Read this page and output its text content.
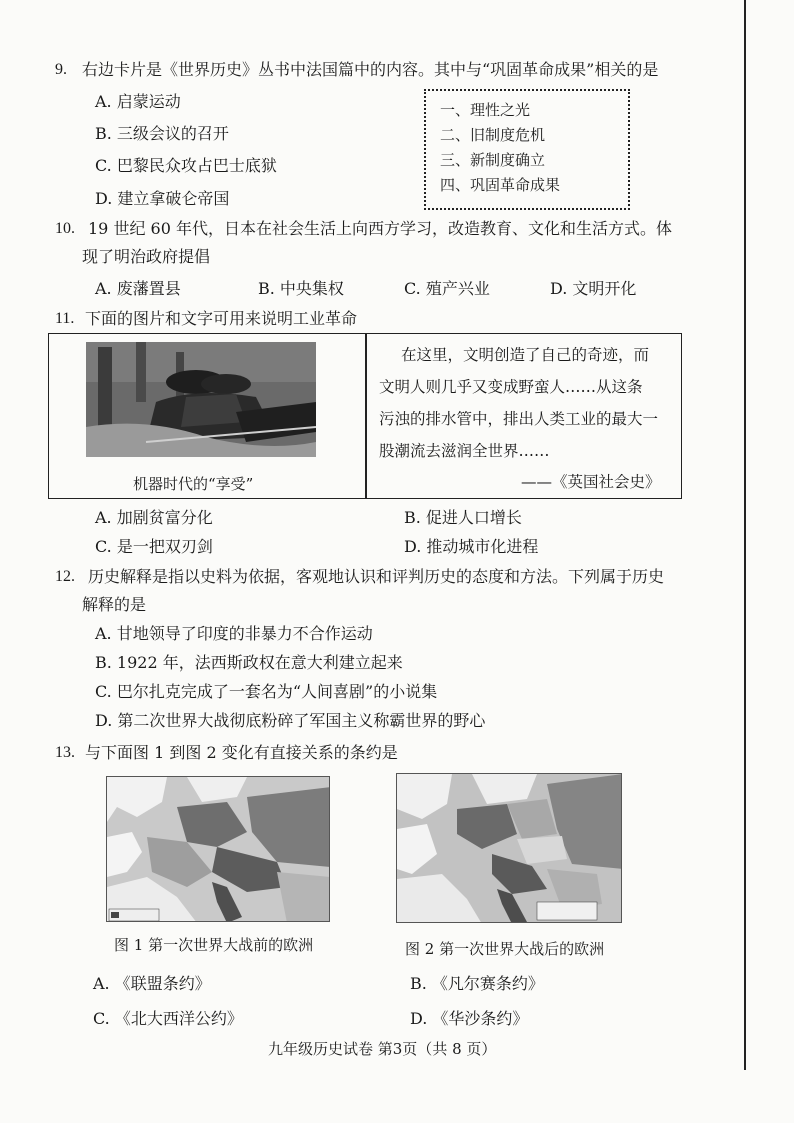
9. 右边卡片是《世界历史》丛书中法国篇中的内容。其中与“巩固革命成果”相关的是
A. 启蒙运动
B. 三级会议的召开
C. 巴黎民众攻占巴士底狱
D. 建立拿破仑帝国
一、理性之光
二、旧制度危机
三、新制度确立
四、巩固革命成果
10. 19 世纪 60 年代，日本在社会生活上向西方学习，改造教育、文化和生活方式。体
现了明治政府提倡
A. 废藩置县	B. 中央集权	C. 殖产兴业	D. 文明开化
11. 下面的图片和文字可用来说明工业革命
机器时代的“享受”
在这里，文明创造了自己的奇迹，而
文明人则几乎又变成野蛮人……从这条
污浊的排水管中，排出人类工业的最大一
股潮流去滋润全世界……
——《英国社会史》
A. 加剧贫富分化	B. 促进人口增长
C. 是一把双刃剑	D. 推动城市化进程
12. 历史解释是指以史料为依据，客观地认识和评判历史的态度和方法。下列属于历史
解释的是
A. 甘地领导了印度的非暴力不合作运动
B. 1922 年，法西斯政权在意大利建立起来
C. 巴尔扎克完成了一套名为“人间喜剧”的小说集
D. 第二次世界大战彻底粉碎了军国主义称霸世界的野心
13. 与下面图 1 到图 2 变化有直接关系的条约是
图 1 第一次世界大战前的欧洲	图 2 第一次世界大战后的欧洲
A. 《联盟条约》	B. 《凡尔赛条约》
C. 《北大西洋公约》	D. 《华沙条约》
九年级历史试卷 第3页（共 8 页）
